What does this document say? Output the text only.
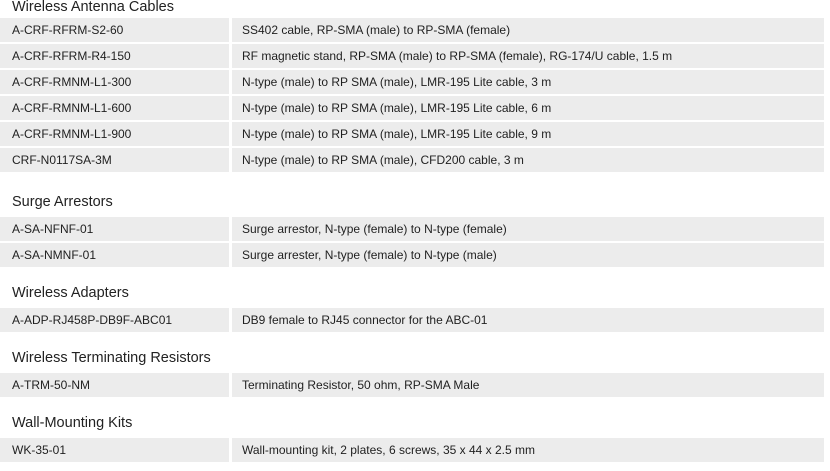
Wireless Antenna Cables
A-CRF-RFRM-S2-60	SS402 cable, RP-SMA (male) to RP-SMA (female)
A-CRF-RFRM-R4-150	RF magnetic stand, RP-SMA (male) to RP-SMA (female), RG-174/U cable, 1.5 m
A-CRF-RMNM-L1-300	N-type (male) to RP SMA (male), LMR-195 Lite cable, 3 m
A-CRF-RMNM-L1-600	N-type (male) to RP SMA (male), LMR-195 Lite cable, 6 m
A-CRF-RMNM-L1-900	N-type (male) to RP SMA (male), LMR-195 Lite cable, 9 m
CRF-N0117SA-3M	N-type (male) to RP SMA (male), CFD200 cable, 3 m
Surge Arrestors
A-SA-NFNF-01	Surge arrestor, N-type (female) to N-type (female)
A-SA-NMNF-01	Surge arrester, N-type (female) to N-type (male)
Wireless Adapters
A-ADP-RJ458P-DB9F-ABC01	DB9 female to RJ45 connector for the ABC-01
Wireless Terminating Resistors
A-TRM-50-NM	Terminating Resistor, 50 ohm, RP-SMA Male
Wall-Mounting Kits
WK-35-01	Wall-mounting kit, 2 plates, 6 screws, 35 x 44 x 2.5 mm
